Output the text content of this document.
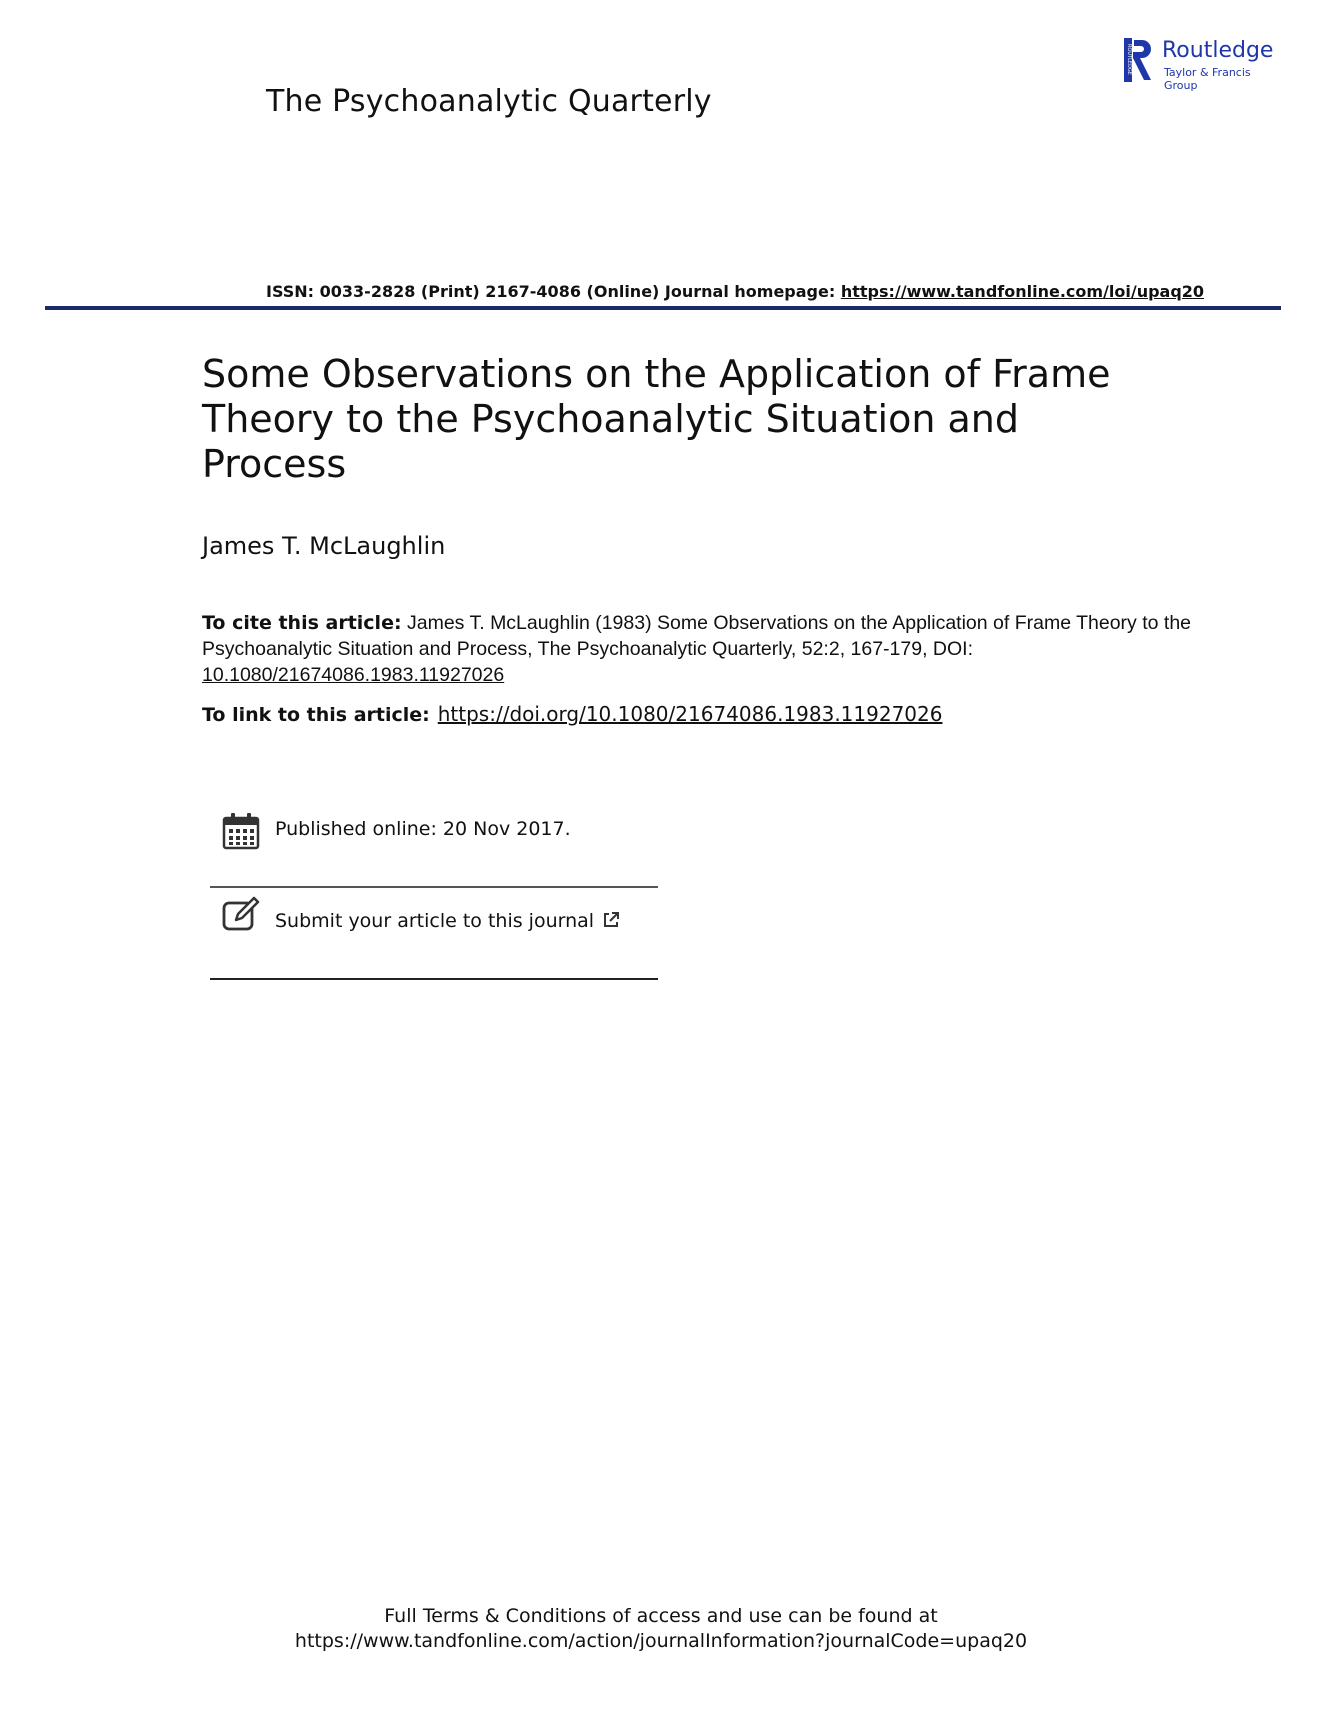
The Psychoanalytic Quarterly
ROUTLEDGE Routledge
Taylor & Francis Group
ISSN: 0033-2828 (Print) 2167-4086 (Online) Journal homepage: https://www.tandfonline.com/loi/upaq20
Some Observations on the Application of Frame Theory to the Psychoanalytic Situation and Process
James T. McLaughlin
To cite this article: James T. McLaughlin (1983) Some Observations on the Application of Frame Theory to the Psychoanalytic Situation and Process, The Psychoanalytic Quarterly, 52:2, 167-179, DOI: 10.1080/21674086.1983.11927026
To link to this article: https://doi.org/10.1080/21674086.1983.11927026
Published online: 20 Nov 2017.
Submit your article to this journal
Full Terms & Conditions of access and use can be found at
https://www.tandfonline.com/action/journalInformation?journalCode=upaq20
